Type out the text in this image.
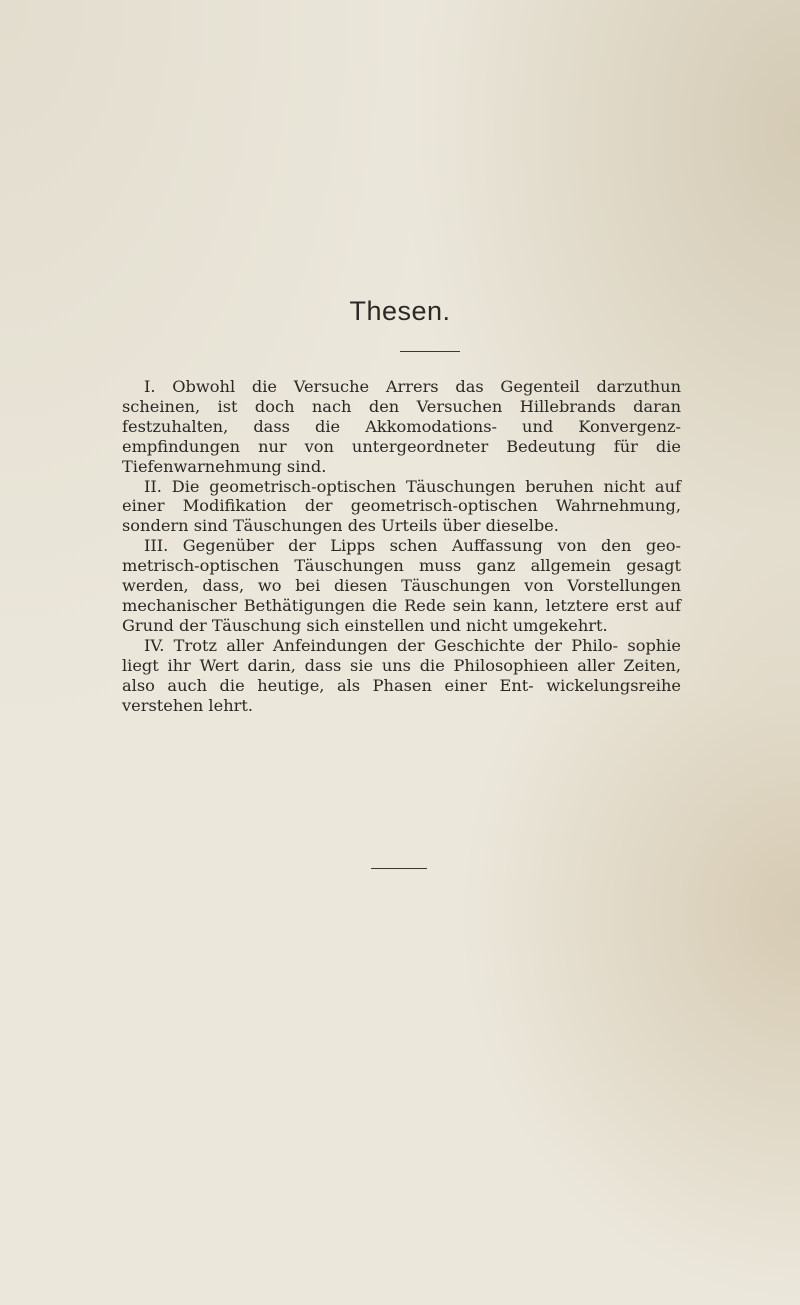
Thesen.

I. Obwohl die Versuche Arrers das Gegenteil darzuthun scheinen, ist doch nach den Versuchen Hillebrands daran festzuhalten, dass die Akkomodations- und Konvergenz- empfindungen nur von untergeordneter Bedeutung für die Tiefenwarnehmung sind.

II. Die geometrisch-optischen Täuschungen beruhen nicht auf einer Modifikation der geometrisch-optischen Wahrnehmung, sondern sind Täuschungen des Urteils über dieselbe.

III. Gegenüber der Lipps schen Auffassung von den geo- metrisch-optischen Täuschungen muss ganz allgemein gesagt werden, dass, wo bei diesen Täuschungen von Vorstellungen mechanischer Bethätigungen die Rede sein kann, letztere erst auf Grund der Täuschung sich einstellen und nicht umgekehrt.

IV. Trotz aller Anfeindungen der Geschichte der Philo- sophie liegt ihr Wert darin, dass sie uns die Philosophieen aller Zeiten, also auch die heutige, als Phasen einer Ent- wickelungsreihe verstehen lehrt.
